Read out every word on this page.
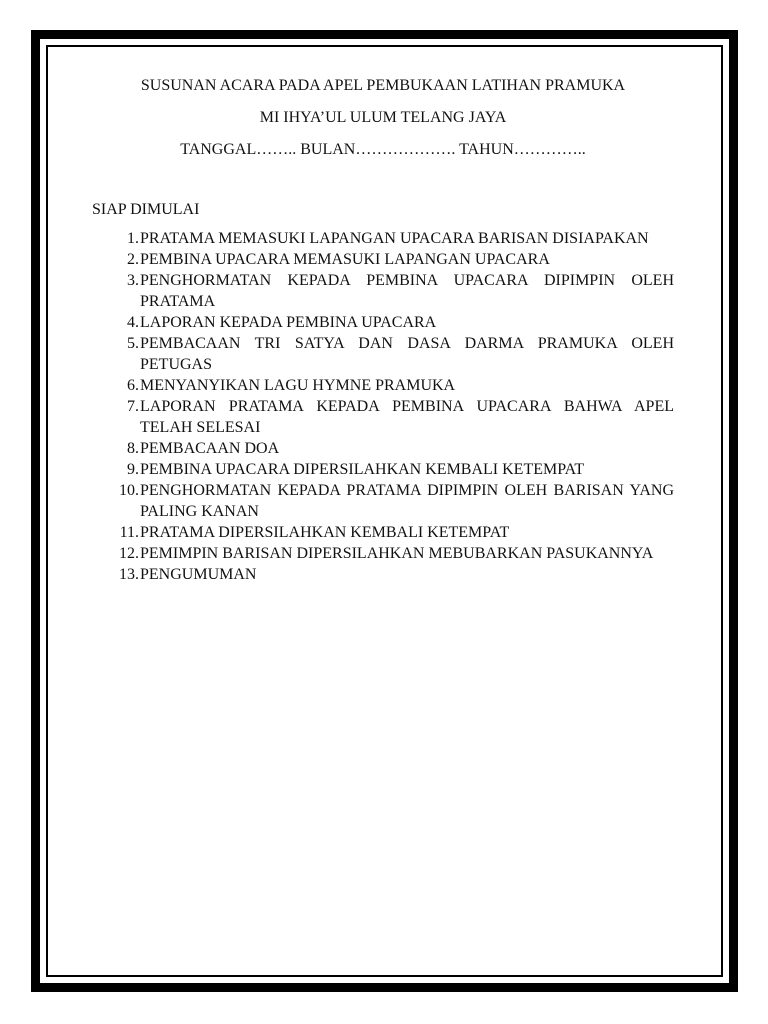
SUSUNAN ACARA PADA APEL PEMBUKAAN LATIHAN PRAMUKA

MI IHYA’UL ULUM TELANG JAYA

TANGGAL…….. BULAN………………. TAHUN…………..

SIAP DIMULAI
1. PRATAMA MEMASUKI LAPANGAN UPACARA BARISAN DISIAPAKAN
2. PEMBINA UPACARA MEMASUKI LAPANGAN UPACARA
3. PENGHORMATAN KEPADA PEMBINA UPACARA DIPIMPIN OLEH PRATAMA
4. LAPORAN KEPADA PEMBINA UPACARA
5. PEMBACAAN TRI SATYA DAN DASA DARMA PRAMUKA OLEH PETUGAS
6. MENYANYIKAN LAGU HYMNE PRAMUKA
7. LAPORAN PRATAMA KEPADA PEMBINA UPACARA BAHWA APEL TELAH SELESAI
8. PEMBACAAN DOA
9. PEMBINA UPACARA DIPERSILAHKAN KEMBALI KETEMPAT
10. PENGHORMATAN KEPADA PRATAMA DIPIMPIN OLEH BARISAN YANG PALING KANAN
11. PRATAMA DIPERSILAHKAN KEMBALI KETEMPAT
12. PEMIMPIN BARISAN DIPERSILAHKAN MEBUBARKAN PASUKANNYA
13. PENGUMUMAN
